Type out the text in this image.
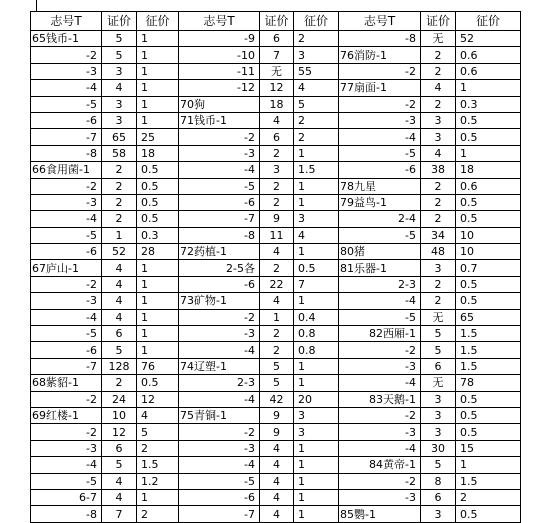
志号T	证价	征价	志号T	证价	征价	志号T	证价	征价
65钱币-1	5	1	-9	6	2	-8	无	52
-2	5	1	-10	7	3	76消防-1	2	0.6
-3	3	1	-11	无	55	-2	2	0.6
-4	4	1	-12	12	4	77扇面-1	4	1
-5	3	1	70狗	18	5	-2	2	0.3
-6	3	1	71钱币-1	4	2	-3	3	0.5
-7	65	25	-2	6	2	-4	3	0.5
-8	58	18	-3	2	1	-5	4	1
66食用菌-1	2	0.5	-4	3	1.5	-6	38	18
-2	2	0.5	-5	2	1	78九星	2	0.6
-3	2	0.5	-6	2	1	79益鸟-1	2	0.5
-4	2	0.5	-7	9	3	2-4	2	0.5
-5	1	0.3	-8	11	4	-5	34	10
-6	52	28	72药植-1	4	1	80猪	48	10
67庐山-1	4	1	2-5各	2	0.5	81乐器-1	3	0.7
-2	4	1	-6	22	7	2-3	2	0.5
-3	4	1	73矿物-1	4	1	-4	2	0.5
-4	4	1	-2	1	0.4	-5	无	65
-5	6	1	-3	2	0.8	82西厢-1	5	1.5
-6	5	1	-4	2	0.8	-2	5	1.5
-7	128	76	74辽塑-1	5	1	-3	6	1.5
68紫貂-1	2	0.5	2-3	5	1	-4	无	78
-2	24	12	-4	42	20	83天鹅-1	3	0.5
69红楼-1	10	4	75青铜-1	9	3	-2	3	0.5
-2	12	5	-2	9	3	-3	3	0.5
-3	6	2	-3	4	1	-4	30	15
-4	5	1.5	-4	4	1	84黄帝-1	5	1
-5	4	1.2	-5	4	1	-2	8	1.5
6-7	4	1	-6	4	1	-3	6	2
-8	7	2	-7	4	1	85鹦-1	3	0.5
